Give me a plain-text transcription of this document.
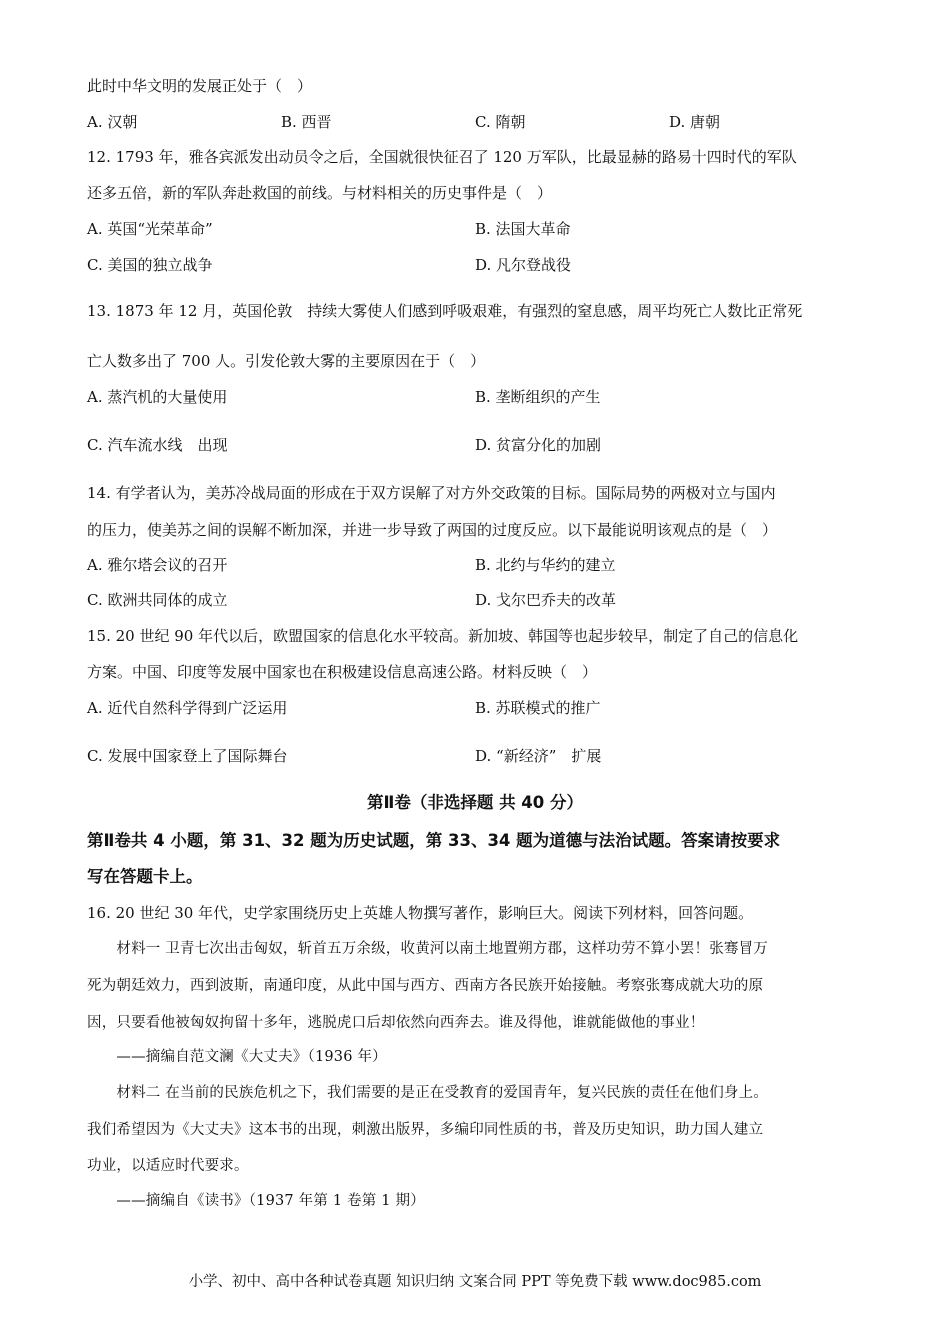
此时中华文明的发展正处于（　）
A. 汉朝	B. 西晋	C. 隋朝	D. 唐朝
12. 1793 年，雅各宾派发出动员令之后，全国就很快征召了 120 万军队，比最显赫的路易十四时代的军队
还多五倍，新的军队奔赴救国的前线。与材料相关的历史事件是（　）
A. 英国“光荣革命”	B. 法国大革命
C. 美国的独立战争	D. 凡尔登战役
13. 1873 年 12 月，英国伦敦　持续大雾使人们感到呼吸艰难，有强烈的窒息感，周平均死亡人数比正常死
亡人数多出了 700 人。引发伦敦大雾的主要原因在于（　）
A. 蒸汽机的大量使用	B. 垄断组织的产生
C. 汽车流水线　出现	D. 贫富分化的加剧
14. 有学者认为，美苏冷战局面的形成在于双方误解了对方外交政策的目标。国际局势的两极对立与国内
的压力，使美苏之间的误解不断加深，并进一步导致了两国的过度反应。以下最能说明该观点的是（　）
A. 雅尔塔会议的召开	B. 北约与华约的建立
C. 欧洲共同体的成立	D. 戈尔巴乔夫的改革
15. 20 世纪 90 年代以后，欧盟国家的信息化水平较高。新加坡、韩国等也起步较早，制定了自己的信息化
方案。中国、印度等发展中国家也在积极建设信息高速公路。材料反映（　）
A. 近代自然科学得到广泛运用	B. 苏联模式的推广
C. 发展中国家登上了国际舞台	D. “新经济”　扩展
第Ⅱ卷（非选择题 共 40 分）
第Ⅱ卷共 4 小题，第 31、32 题为历史试题，第 33、34 题为道德与法治试题。答案请按要求
写在答题卡上。
16. 20 世纪 30 年代，史学家围绕历史上英雄人物撰写著作，影响巨大。阅读下列材料，回答问题。
　　材料一 卫青七次出击匈奴，斩首五万余级，收黄河以南土地置朔方郡，这样功劳不算小罢！张骞冒万
死为朝廷效力，西到波斯，南通印度，从此中国与西方、西南方各民族开始接触。考察张骞成就大功的原
因，只要看他被匈奴拘留十多年，逃脱虎口后却依然向西奔去。谁及得他，谁就能做他的事业！
　　——摘编自范文澜《大丈夫》（1936 年）
　　材料二 在当前的民族危机之下，我们需要的是正在受教育的爱国青年，复兴民族的责任在他们身上。
我们希望因为《大丈夫》这本书的出现，刺激出版界，多编印同性质的书，普及历史知识，助力国人建立
功业，以适应时代要求。
　　——摘编自《读书》（1937 年第 1 卷第 1 期）
小学、初中、高中各种试卷真题 知识归纳 文案合同 PPT 等免费下载 www.doc985.com
